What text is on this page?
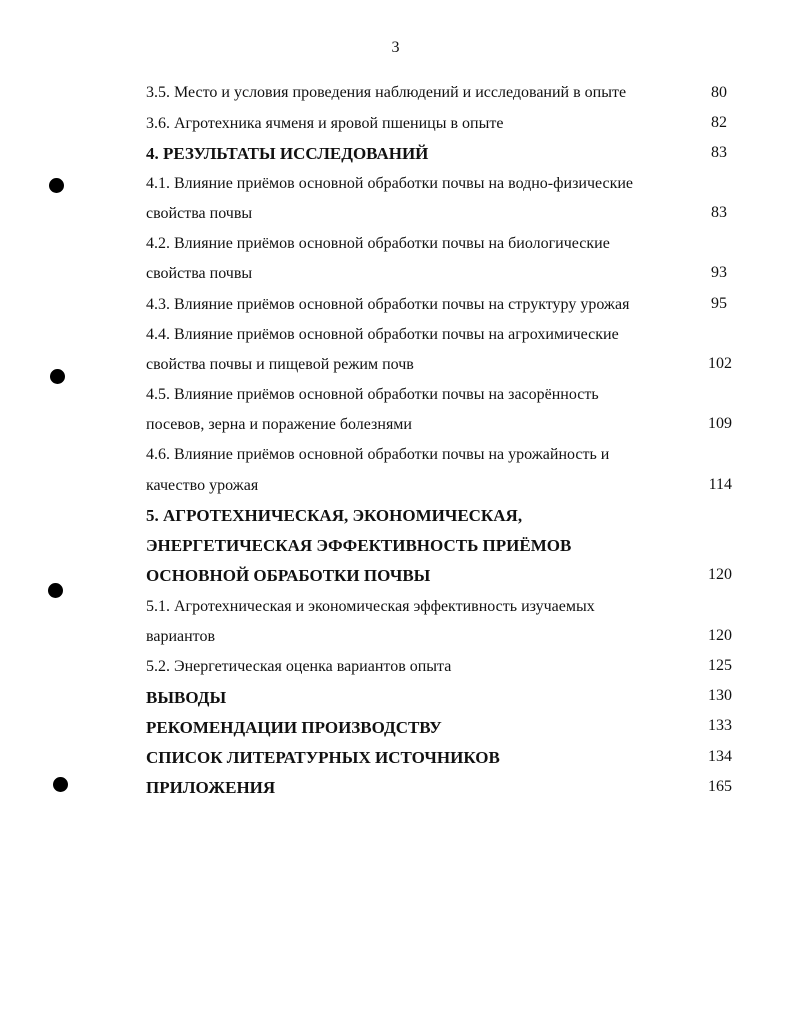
3
3.5. Место и условия проведения наблюдений и исследований в опыте	80
3.6. Агротехника ячменя и яровой пшеницы в опыте	82
4. РЕЗУЛЬТАТЫ ИССЛЕДОВАНИЙ	83
4.1. Влияние приёмов основной обработки почвы на водно-физические
свойства почвы	83
4.2. Влияние приёмов основной обработки почвы на биологические
свойства почвы	93
4.3. Влияние приёмов основной обработки почвы на структуру урожая	95
4.4. Влияние приёмов основной обработки почвы на агрохимические
свойства почвы и пищевой режим почв	102
4.5. Влияние приёмов основной обработки почвы на засорённость
посевов, зерна и поражение болезнями	109
4.6. Влияние приёмов основной обработки почвы на урожайность и
качество урожая	114
5. АГРОТЕХНИЧЕСКАЯ, ЭКОНОМИЧЕСКАЯ,
ЭНЕРГЕТИЧЕСКАЯ ЭФФЕКТИВНОСТЬ ПРИЁМОВ
ОСНОВНОЙ ОБРАБОТКИ ПОЧВЫ	120
5.1. Агротехническая и экономическая эффективность изучаемых
вариантов	120
5.2. Энергетическая оценка вариантов опыта	125
ВЫВОДЫ	130
РЕКОМЕНДАЦИИ ПРОИЗВОДСТВУ	133
СПИСОК ЛИТЕРАТУРНЫХ ИСТОЧНИКОВ	134
ПРИЛОЖЕНИЯ	165
